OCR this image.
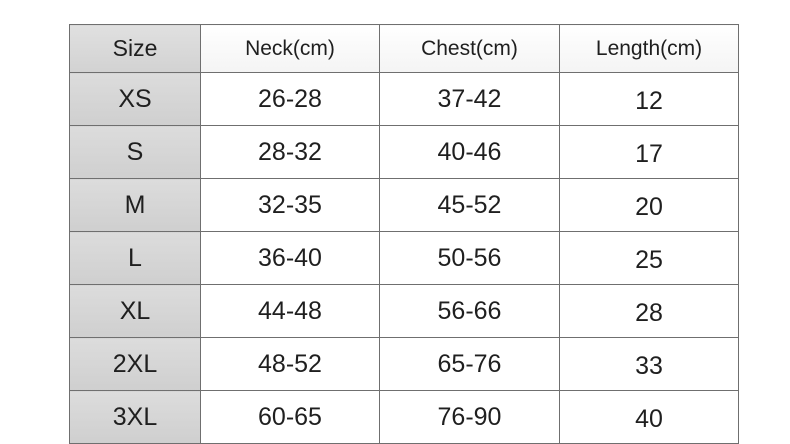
Size	Neck(cm)	Chest(cm)	Length(cm)
XS	26-28	37-42	12
S	28-32	40-46	17
M	32-35	45-52	20
L	36-40	50-56	25
XL	44-48	56-66	28
2XL	48-52	65-76	33
3XL	60-65	76-90	40
